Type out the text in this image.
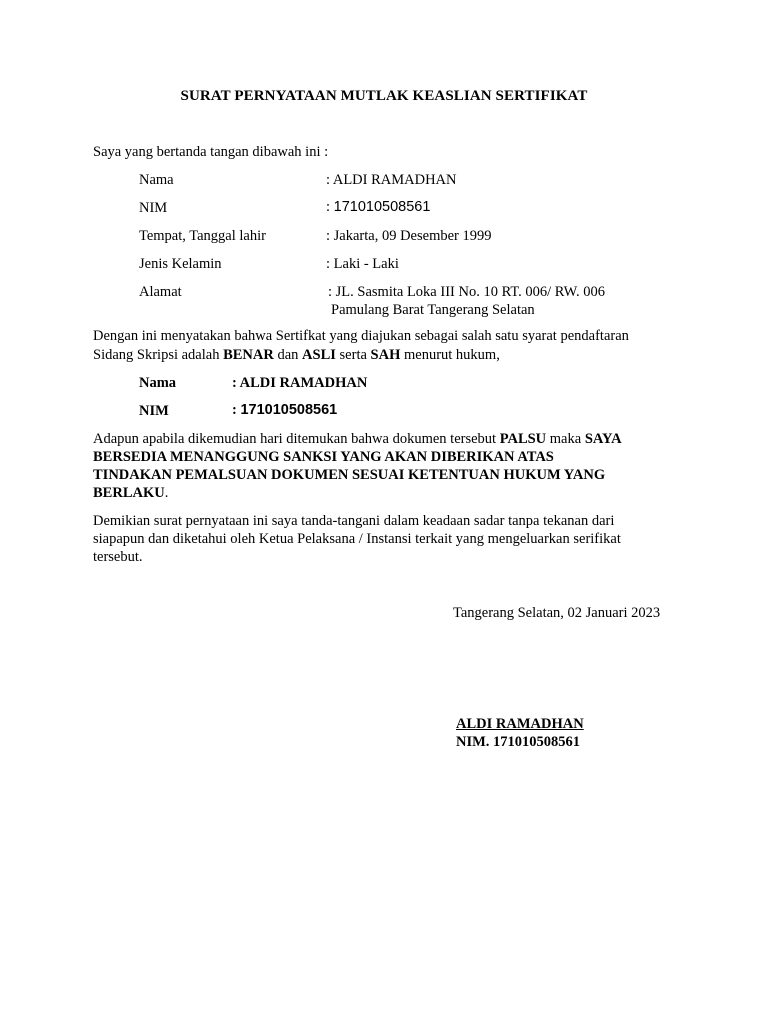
SURAT PERNYATAAN MUTLAK KEASLIAN SERTIFIKAT
Saya yang bertanda tangan dibawah ini :
Nama	: ALDI RAMADHAN
NIM	: 171010508561
Tempat, Tanggal lahir	: Jakarta, 09 Desember 1999
Jenis Kelamin	: Laki - Laki
Alamat	: JL. Sasmita Loka III No. 10 RT. 006/ RW. 006
Pamulang Barat Tangerang Selatan
Dengan ini menyatakan bahwa Sertifkat yang diajukan sebagai salah satu syarat pendaftaran
Sidang Skripsi adalah BENAR dan ASLI serta SAH menurut hukum,
Nama	: ALDI RAMADHAN
NIM	: 171010508561
Adapun apabila dikemudian hari ditemukan bahwa dokumen tersebut PALSU maka SAYA
BERSEDIA MENANGGUNG SANKSI YANG AKAN DIBERIKAN ATAS
TINDAKAN PEMALSUAN DOKUMEN SESUAI KETENTUAN HUKUM YANG
BERLAKU.
Demikian surat pernyataan ini saya tanda-tangani dalam keadaan sadar tanpa tekanan dari
siapapun dan diketahui oleh Ketua Pelaksana / Instansi terkait yang mengeluarkan serifikat
tersebut.
Tangerang Selatan, 02 Januari 2023
ALDI RAMADHAN
NIM. 171010508561
